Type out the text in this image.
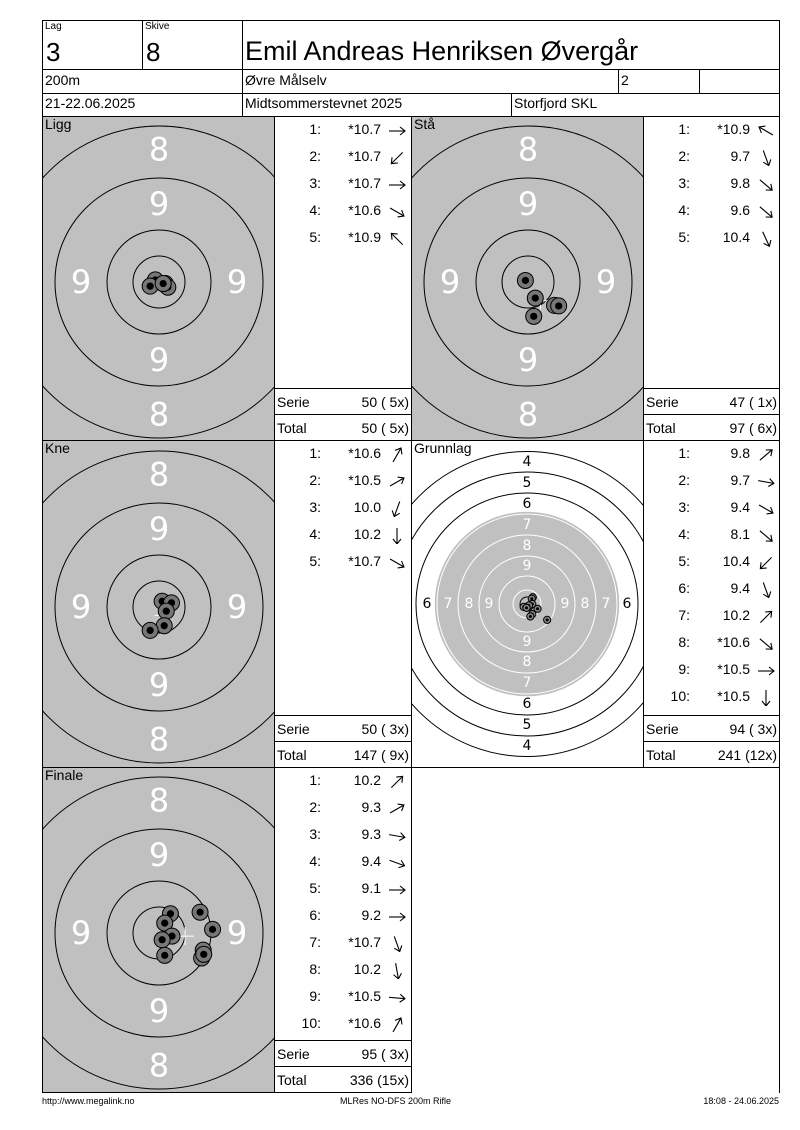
Lag
3
Skive
8	Emil Andreas Henriksen Øvergår
200m	Øvre Målselv	2
21-22.06.2025	Midtsommerstevnet 2025	Storfjord SKL
8
9
9
8
9	9
Ligg	1:	*10.7
2:	*10.7
3:	*10.7
4:	*10.6
5:	*10.9
Serie	50 ( 5x)
Total	50 ( 5x)
8
9
9
8
9	9
Stå	1:	*10.9
2:	9.7
3:	9.8
4:	9.6
5:	10.4
Serie	47 ( 1x)
Total	97 ( 6x)
8
9
9
8
9	9
Kne	1:	*10.6
2:	*10.5
3:	10.0
4:	10.2
5:	*10.7
Serie	50 ( 3x)
Total	147 ( 9x)
4
4
5
5
6
6
6	6
7
7
7	7
8
8
8	8
9
9
9	9
Grunnlag	1:	9.8
2:	9.7
3:	9.4
4:	8.1
5:	10.4
6:	9.4
7:	10.2
8:	*10.6
9:	*10.5
10:	*10.5
Serie	94 ( 3x)
Total	241 (12x)
8
9
9
8
9	9
Finale	1:	10.2
2:	9.3
3:	9.3
4:	9.4
5:	9.1
6:	9.2
7:	*10.7
8:	10.2
9:	*10.5
10:	*10.6
Serie	95 ( 3x)
Total	336 (15x)
http://www.megalink.no	MLRes NO-DFS 200m Rifle	18:08 - 24.06.2025
